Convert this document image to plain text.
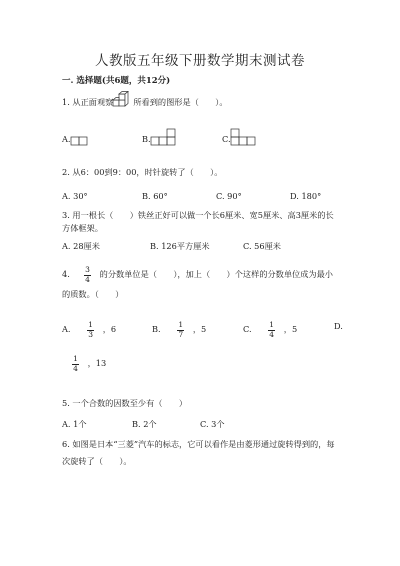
人教版五年级下册数学期末测试卷
一. 选择题(共6题，共12分)
1. 从正面观察 所看到的图形是（　　）。
A.	B.	C.
2. 从6：00到9：00，时针旋转了（　　）。
A. 30°	B. 60°	C. 90°	D. 180°
3. 用一根长（　　）铁丝正好可以做一个长6厘米、宽5厘米、高3厘米的长
方体框架。
A. 28厘米	B. 126平方厘米	C. 56厘米
4. $\frac{3}{4}$ 的分数单位是（　　），加上（　　）个这样的分数单位成为最小
的质数。（　　）
A. $\frac{1}{3}$ ，6	B. $\frac{1}{7}$ ，5	C. $\frac{1}{4}$ ，5	D.
$\frac{1}{4}$ ，13
5. 一个合数的因数至少有（　　）
A. 1个	B. 2个	C. 3个
6. 如图是日本“三菱”汽车的标志，它可以看作是由菱形通过旋转得到的，每
次旋转了（　　）。
